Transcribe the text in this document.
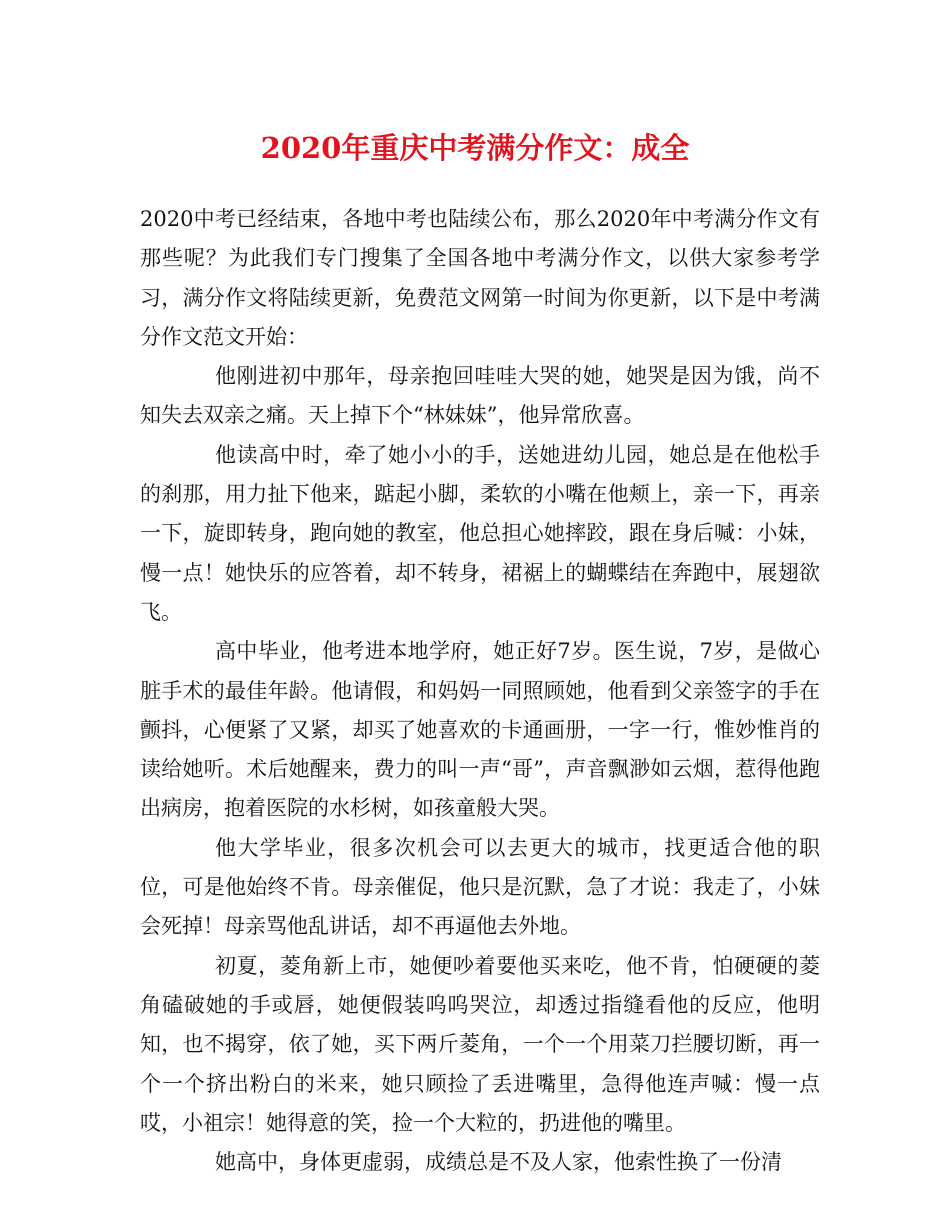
2020年重庆中考满分作文：成全

2020中考已经结束，各地中考也陆续公布，那么2020年中考满分作文有那些呢？为此我们专门搜集了全国各地中考满分作文，以供大家参考学习，满分作文将陆续更新，免费范文网第一时间为你更新，以下是中考满分作文范文开始：

他刚进初中那年，母亲抱回哇哇大哭的她，她哭是因为饿，尚不知失去双亲之痛。天上掉下个“林妹妹”，他异常欣喜。

他读高中时，牵了她小小的手，送她进幼儿园，她总是在他松手的刹那，用力扯下他来，踮起小脚，柔软的小嘴在他颊上，亲一下，再亲一下，旋即转身，跑向她的教室，他总担心她摔跤，跟在身后喊：小妹，慢一点！她快乐的应答着，却不转身，裙裾上的蝴蝶结在奔跑中，展翅欲飞。

高中毕业，他考进本地学府，她正好7岁。医生说，7岁，是做心脏手术的最佳年龄。他请假，和妈妈一同照顾她，他看到父亲签字的手在颤抖，心便紧了又紧，却买了她喜欢的卡通画册，一字一行，惟妙惟肖的读给她听。术后她醒来，费力的叫一声“哥”，声音飘渺如云烟，惹得他跑出病房，抱着医院的水杉树，如孩童般大哭。

他大学毕业，很多次机会可以去更大的城市，找更适合他的职位，可是他始终不肯。母亲催促，他只是沉默，急了才说：我走了，小妹会死掉！母亲骂他乱讲话，却不再逼他去外地。

初夏，菱角新上市，她便吵着要他买来吃，他不肯，怕硬硬的菱角磕破她的手或唇，她便假装呜呜哭泣，却透过指缝看他的反应，他明知，也不揭穿，依了她，买下两斤菱角，一个一个用菜刀拦腰切断，再一个一个挤出粉白的米来，她只顾捡了丢进嘴里，急得他连声喊：慢一点哎，小祖宗！她得意的笑，捡一个大粒的，扔进他的嘴里。

她高中，身体更虚弱，成绩总是不及人家，他索性换了一份清
